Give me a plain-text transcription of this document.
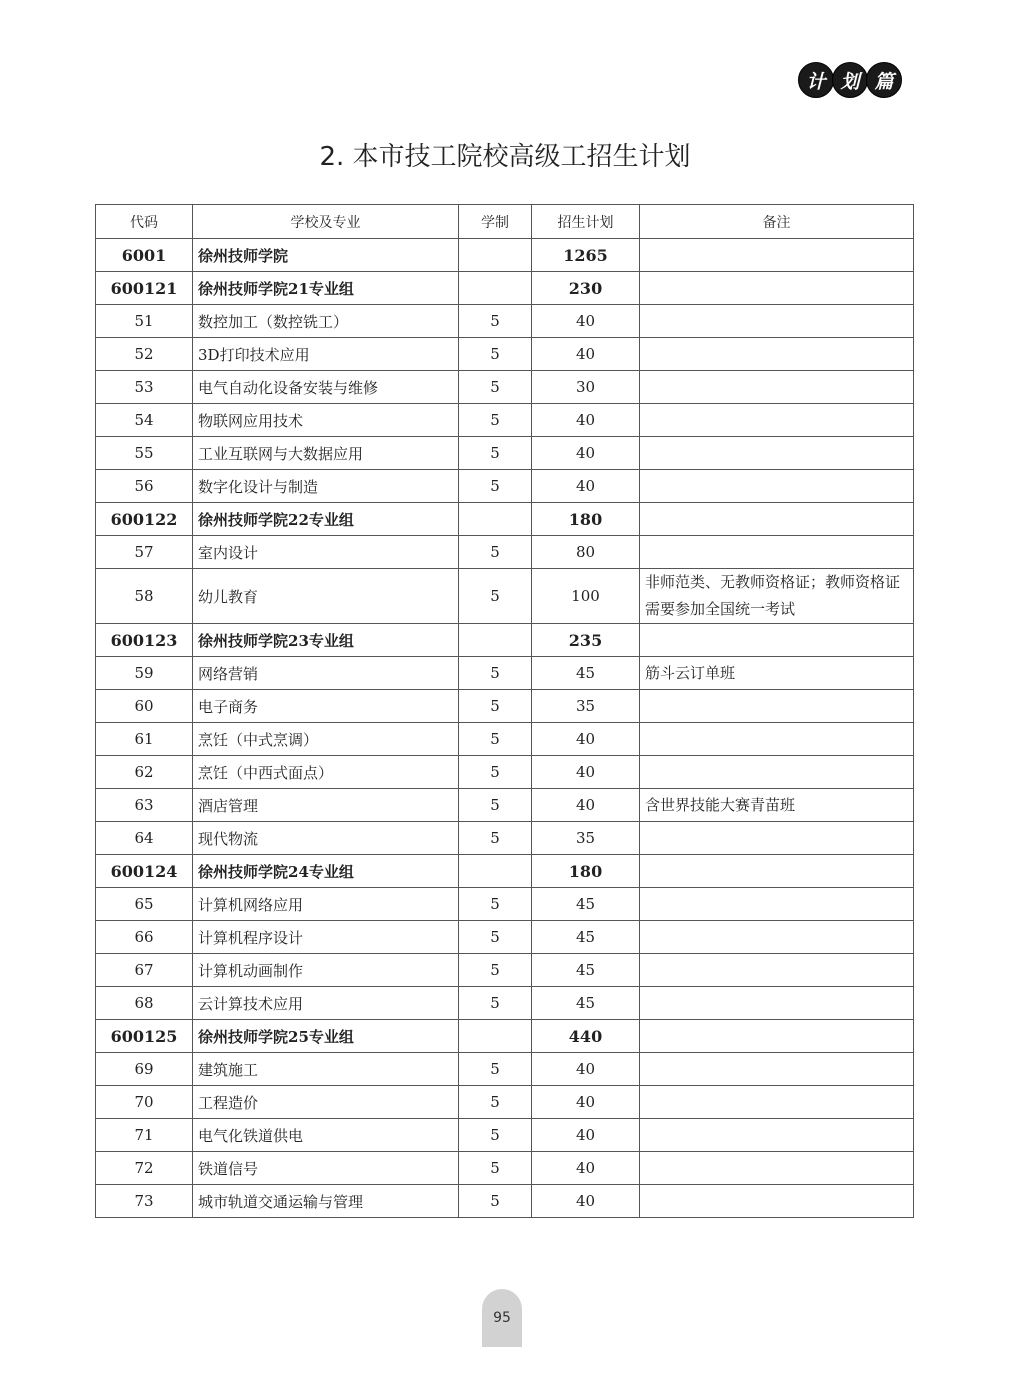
计 划 篇
2. 本市技工院校高级工招生计划
代码	学校及专业	学制	招生计划	备注
6001	徐州技师学院		1265	
600121	徐州技师学院21专业组		230	
51	数控加工（数控铣工）	5	40	
52	3D打印技术应用	5	40	
53	电气自动化设备安装与维修	5	30	
54	物联网应用技术	5	40	
55	工业互联网与大数据应用	5	40	
56	数字化设计与制造	5	40	
600122	徐州技师学院22专业组		180	
57	室内设计	5	80	
58	幼儿教育	5	100	非师范类、无教师资格证；教师资格证需要参加全国统一考试
600123	徐州技师学院23专业组		235	
59	网络营销	5	45	筋斗云订单班
60	电子商务	5	35	
61	烹饪（中式烹调）	5	40	
62	烹饪（中西式面点）	5	40	
63	酒店管理	5	40	含世界技能大赛青苗班
64	现代物流	5	35	
600124	徐州技师学院24专业组		180	
65	计算机网络应用	5	45	
66	计算机程序设计	5	45	
67	计算机动画制作	5	45	
68	云计算技术应用	5	45	
600125	徐州技师学院25专业组		440	
69	建筑施工	5	40	
70	工程造价	5	40	
71	电气化铁道供电	5	40	
72	铁道信号	5	40	
73	城市轨道交通运输与管理	5	40	
95
